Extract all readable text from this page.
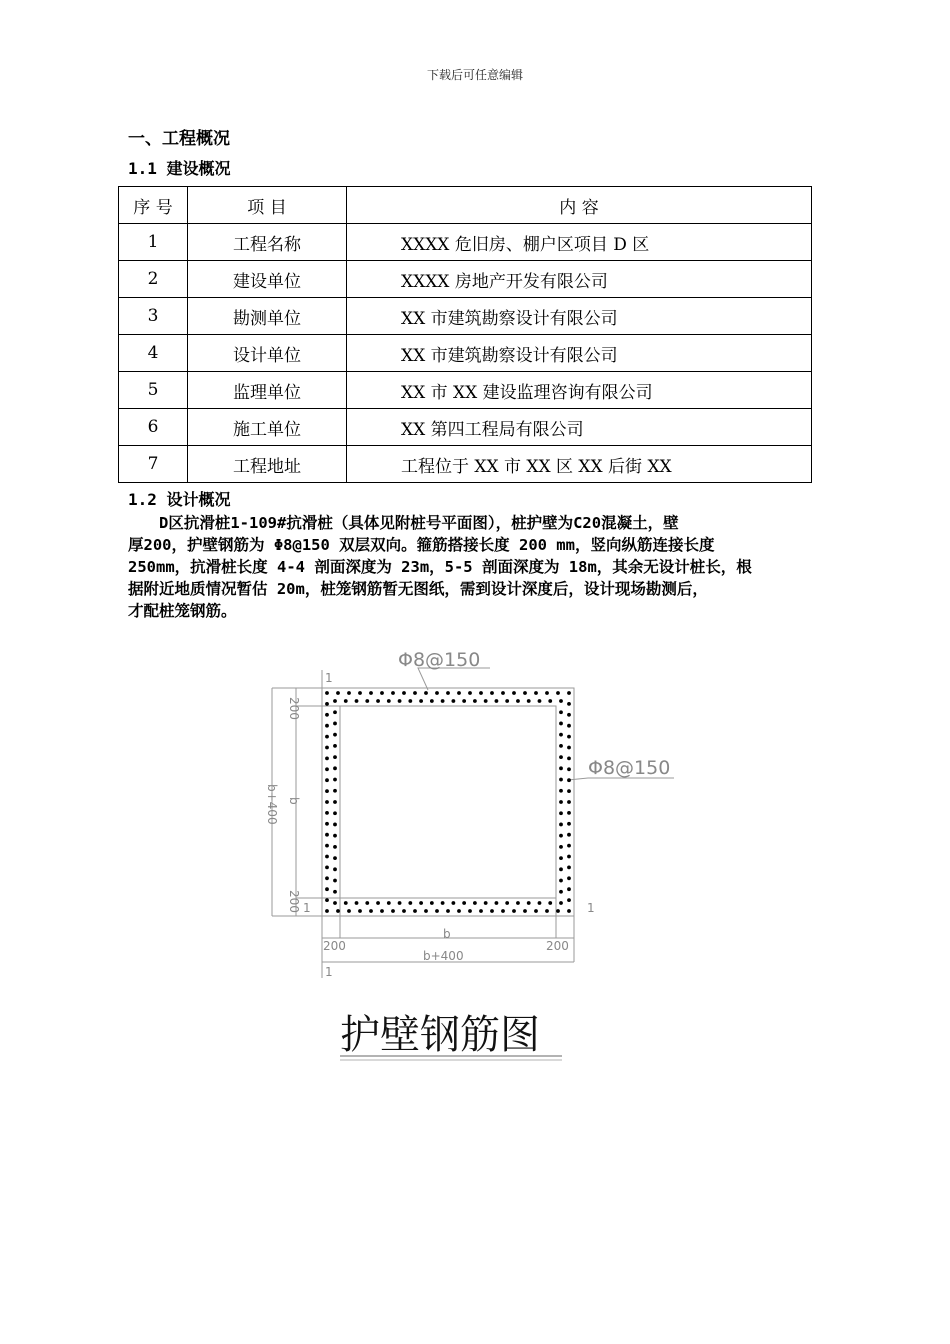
下载后可任意编辑
一、工程概况
1.1 建设概况
序 号	项 目	内 容
1	工程名称	XXXX 危旧房、棚户区项目 D 区
2	建设单位	XXXX 房地产开发有限公司
3	勘测单位	XX 市建筑勘察设计有限公司
4	设计单位	XX 市建筑勘察设计有限公司
5	监理单位	XX 市 XX 建设监理咨询有限公司
6	施工单位	XX 第四工程局有限公司
7	工程地址	工程位于 XX 市 XX 区 XX 后街 XX
1.2 设计概况
　　D区抗滑桩1-109#抗滑桩（具体见附桩号平面图），桩护壁为C20混凝土，壁
厚200，护壁钢筋为 Φ8@150 双层双向。箍筋搭接长度 200 mm，竖向纵筋连接长度
250mm，抗滑桩长度 4-4 剖面深度为 23m，5-5 剖面深度为 18m，其余无设计桩长，根
据附近地质情况暂估 20m，桩笼钢筋暂无图纸，需到设计深度后，设计现场勘测后，
才配桩笼钢筋。
Φ8@150
Φ8@150
200
200
b
b+400
200	200
b
b+400
1
1
1	1
护壁钢筋图
